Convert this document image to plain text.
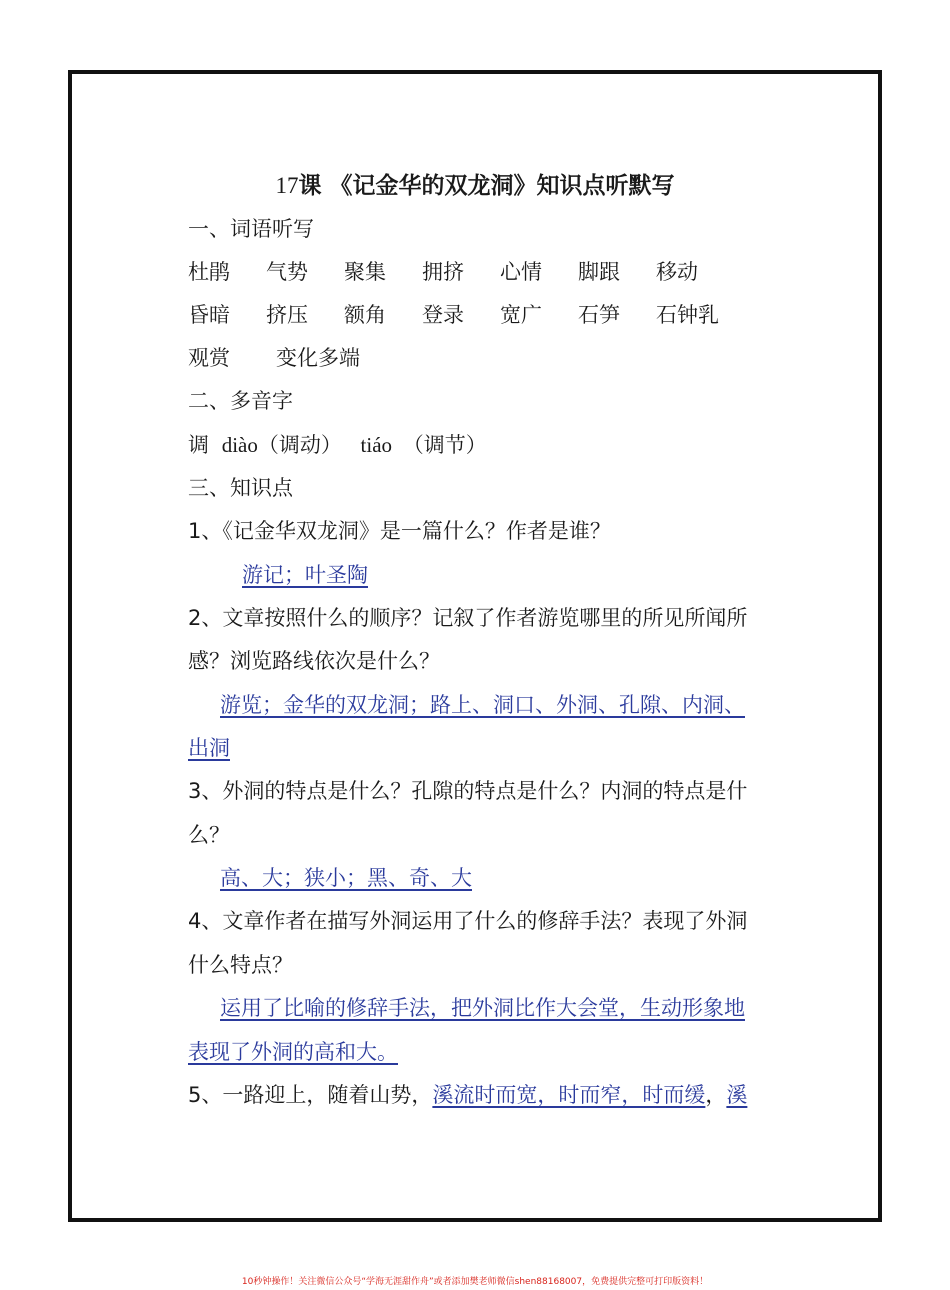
17课 《记金华的双龙洞》知识点听默写
一、词语听写
杜鹃	气势	聚集	拥挤	心情	脚跟	移动
昏暗	挤压	额角	登录	宽广	石笋	石钟乳
观赏	变化多端
二、多音字
调 diào（调动） tiáo （调节）
三、知识点
1、《记金华双龙洞》是一篇什么？作者是谁？
游记；叶圣陶
2、文章按照什么的顺序？记叙了作者游览哪里的所见所闻所
感？浏览路线依次是什么？
游览；金华的双龙洞；路上、洞口、外洞、孔隙、内洞、
出洞
3、外洞的特点是什么？孔隙的特点是什么？内洞的特点是什
么？
高、大；狭小；黑、奇、大
4、文章作者在描写外洞运用了什么的修辞手法？表现了外洞
什么特点？
运用了比喻的修辞手法，把外洞比作大会堂，生动形象地
表现了外洞的高和大。
5、一路迎上，随着山势，溪流时而宽，时而窄，时而缓，溪
10秒钟操作！关注微信公众号“学海无涯甜作舟”或者添加樊老师微信shen88168007，免费提供完整可打印版资料！
